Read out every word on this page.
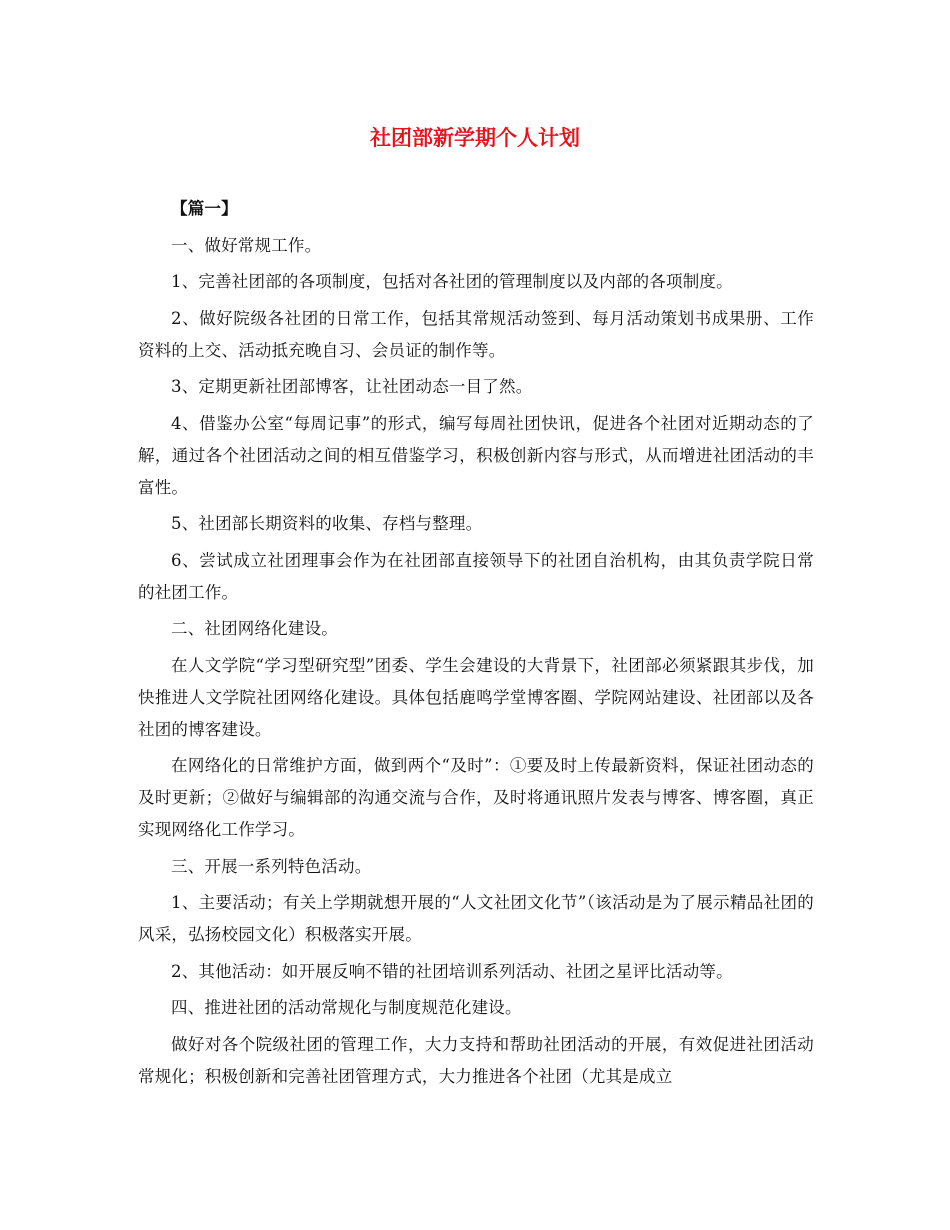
社团部新学期个人计划

【篇一】

一、做好常规工作。

1、完善社团部的各项制度，包括对各社团的管理制度以及内部的各项制度。

2、做好院级各社团的日常工作，包括其常规活动签到、每月活动策划书成果册、工作资料的上交、活动抵充晚自习、会员证的制作等。

3、定期更新社团部博客，让社团动态一目了然。

4、借鉴办公室“每周记事”的形式，编写每周社团快讯，促进各个社团对近期动态的了解，通过各个社团活动之间的相互借鉴学习，积极创新内容与形式，从而增进社团活动的丰富性。

5、社团部长期资料的收集、存档与整理。

6、尝试成立社团理事会作为在社团部直接领导下的社团自治机构，由其负责学院日常的社团工作。

二、社团网络化建设。

在人文学院“学习型研究型”团委、学生会建设的大背景下，社团部必须紧跟其步伐，加快推进人文学院社团网络化建设。具体包括鹿鸣学堂博客圈、学院网站建设、社团部以及各社团的博客建设。

在网络化的日常维护方面，做到两个“及时”：①要及时上传最新资料，保证社团动态的及时更新；②做好与编辑部的沟通交流与合作，及时将通讯照片发表与博客、博客圈，真正实现网络化工作学习。

三、开展一系列特色活动。

1、主要活动；有关上学期就想开展的“人文社团文化节”（该活动是为了展示精品社团的风采，弘扬校园文化）积极落实开展。

2、其他活动：如开展反响不错的社团培训系列活动、社团之星评比活动等。

四、推进社团的活动常规化与制度规范化建设。

做好对各个院级社团的管理工作，大力支持和帮助社团活动的开展，有效促进社团活动常规化；积极创新和完善社团管理方式，大力推进各个社团（尤其是成立
